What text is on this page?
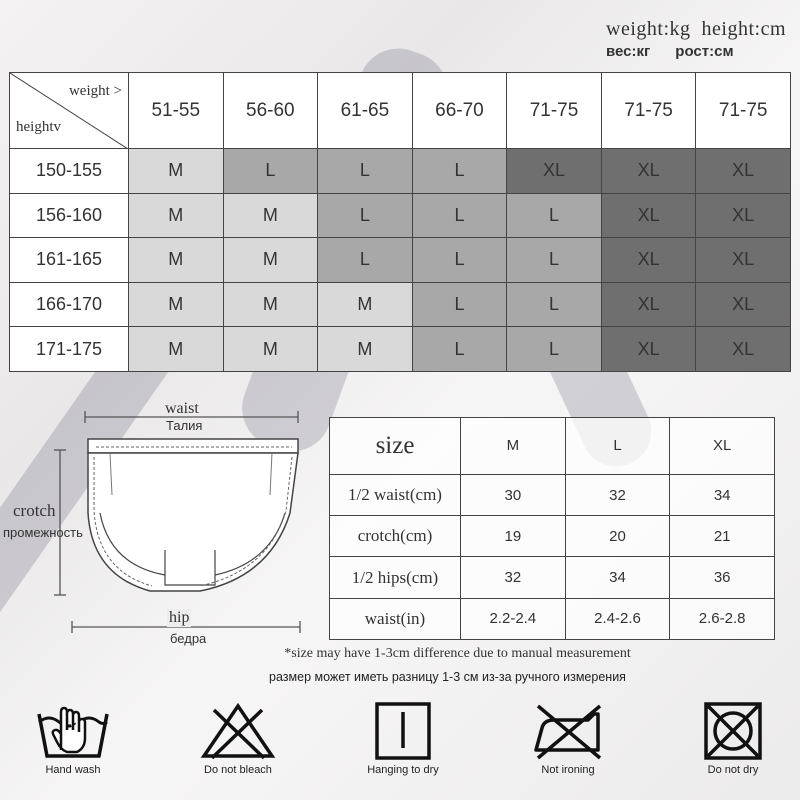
weight:kg height:cm
вес:кг рост:см
weight >
heightv	51-55	56-60	61-65	66-70	71-75	71-75	71-75
150-155	M	L	L	L	XL	XL	XL
156-160	M	M	L	L	L	XL	XL
161-165	M	M	L	L	L	XL	XL
166-170	M	M	M	L	L	XL	XL
171-175	M	M	M	L	L	XL	XL
waist
Талия
crotch
промежность
hip
бедра
size	M	L	XL
1/2 waist(cm)	30	32	34
crotch(cm)	19	20	21
1/2 hips(cm)	32	34	36
waist(in)	2.2-2.4	2.4-2.6	2.6-2.8
*size may have 1-3cm difference due to manual measurement
размер может иметь разницу 1-3 см из-за ручного измерения
Hand wash	Do not bleach	Hanging to dry	Not ironing	Do not dry
